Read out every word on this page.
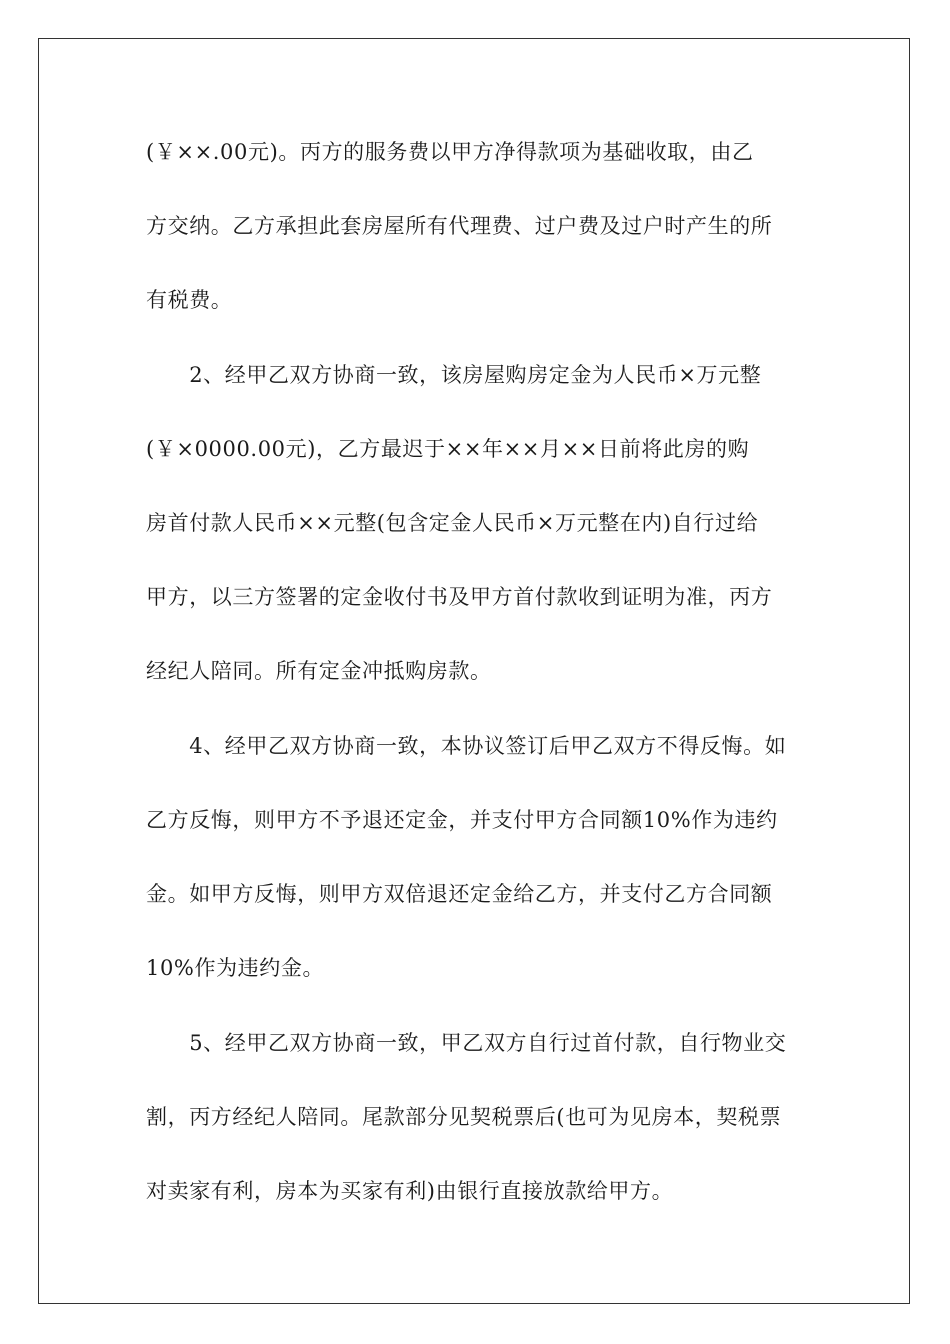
(￥××.00元)。丙方的服务费以甲方净得款项为基础收取，由乙
方交纳。乙方承担此套房屋所有代理费、过户费及过户时产生的所
有税费。
　　2、经甲乙双方协商一致，该房屋购房定金为人民币×万元整
(￥×0000.00元)，乙方最迟于××年××月××日前将此房的购
房首付款人民币××元整(包含定金人民币×万元整在内)自行过给
甲方，以三方签署的定金收付书及甲方首付款收到证明为准，丙方
经纪人陪同。所有定金冲抵购房款。
　　4、经甲乙双方协商一致，本协议签订后甲乙双方不得反悔。如
乙方反悔，则甲方不予退还定金，并支付甲方合同额10%作为违约
金。如甲方反悔，则甲方双倍退还定金给乙方，并支付乙方合同额
10%作为违约金。
　　5、经甲乙双方协商一致，甲乙双方自行过首付款，自行物业交
割，丙方经纪人陪同。尾款部分见契税票后(也可为见房本，契税票
对卖家有利，房本为买家有利)由银行直接放款给甲方。
